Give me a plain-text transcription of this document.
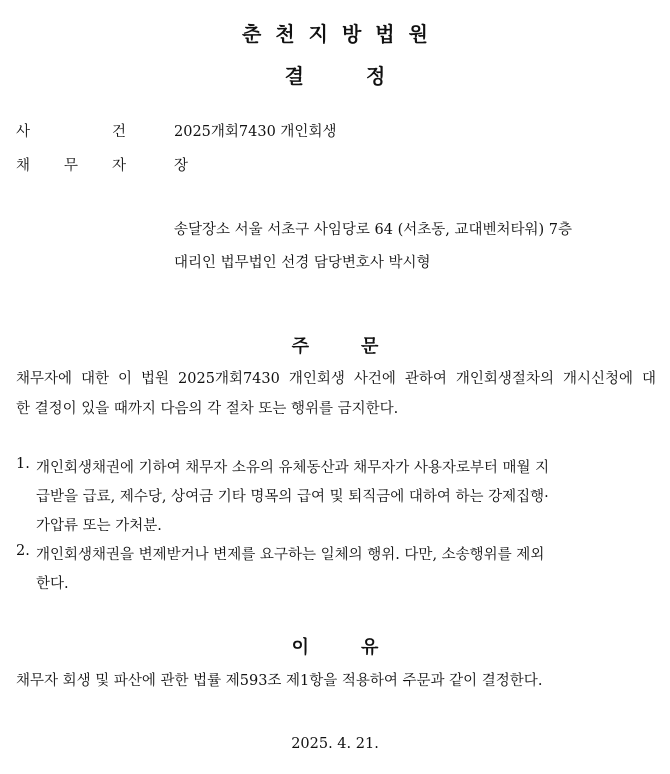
춘천지방법원
결정
사	건	2025개회7430 개인회생
채 무 자	장
송달장소 서울 서초구 사임당로 64 (서초동, 교대벤처타워) 7층
대리인 법무법인 선경 담당변호사 박시형
주문
채무자에 대한 이 법원 2025개회7430 개인회생 사건에 관하여 개인회생절차의 개시신청에 대
한 결정이 있을 때까지 다음의 각 절차 또는 행위를 금지한다.
1. 개인회생채권에 기하여 채무자 소유의 유체동산과 채무자가 사용자로부터 매월 지
급받을 급료, 제수당, 상여금 기타 명목의 급여 및 퇴직금에 대하여 하는 강제집행·
가압류 또는 가처분.
2. 개인회생채권을 변제받거나 변제를 요구하는 일체의 행위. 다만, 소송행위를 제외
한다.
이유
채무자 회생 및 파산에 관한 법률 제593조 제1항을 적용하여 주문과 같이 결정한다.
2025. 4. 21.
